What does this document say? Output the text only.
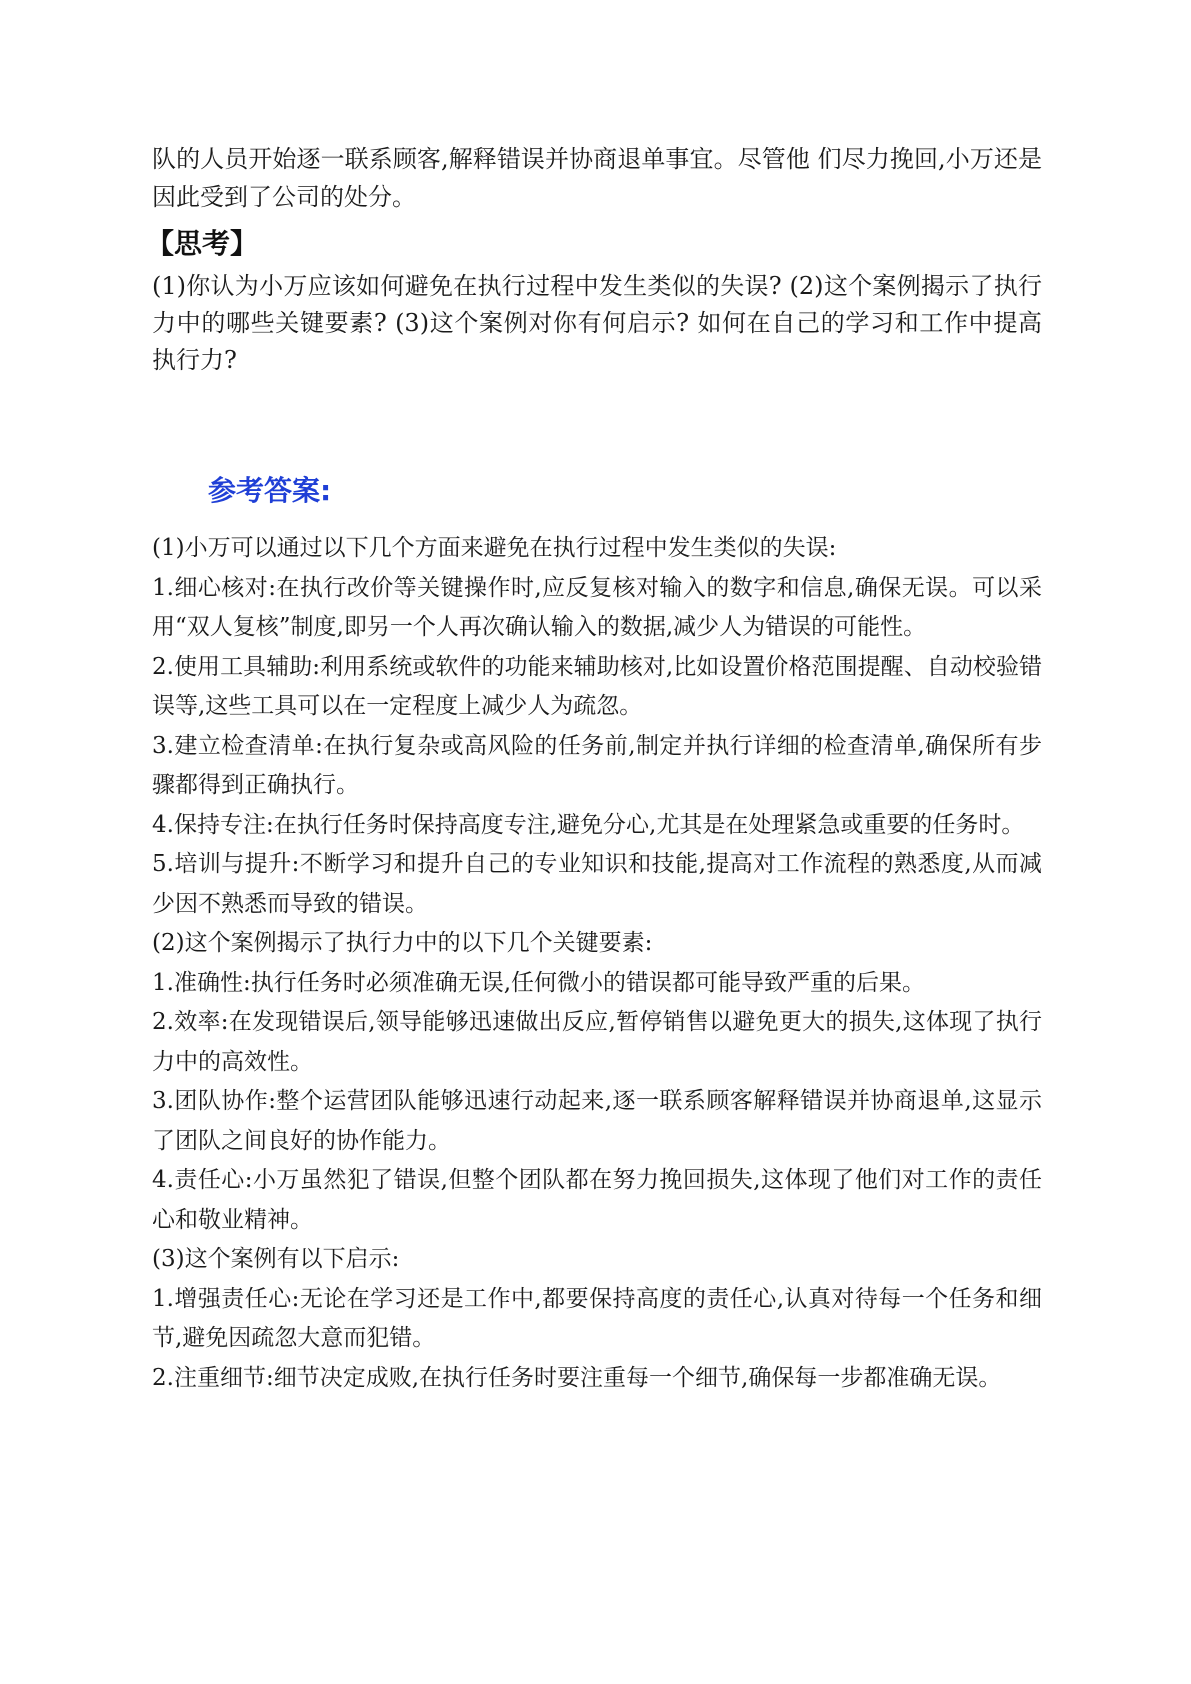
队的人员开始逐一联系顾客,解释错误并协商退单事宜。尽管他 们尽力挽回,小万还是因此受到了公司的处分。

【思考】

(1)你认为小万应该如何避免在执行过程中发生类似的失误? (2)这个案例揭示了执行力中的哪些关键要素? (3)这个案例对你有何启示? 如何在自己的学习和工作中提高执行力?

参考答案:

(1)小万可以通过以下几个方面来避免在执行过程中发生类似的失误:

1.细心核对:在执行改价等关键操作时,应反复核对输入的数字和信息,确保无误。可以采用“双人复核”制度,即另一个人再次确认输入的数据,减少人为错误的可能性。

2.使用工具辅助:利用系统或软件的功能来辅助核对,比如设置价格范围提醒、自动校验错误等,这些工具可以在一定程度上减少人为疏忽。

3.建立检查清单:在执行复杂或高风险的任务前,制定并执行详细的检查清单,确保所有步骤都得到正确执行。

4.保持专注:在执行任务时保持高度专注,避免分心,尤其是在处理紧急或重要的任务时。

5.培训与提升:不断学习和提升自己的专业知识和技能,提高对工作流程的熟悉度,从而减少因不熟悉而导致的错误。

(2)这个案例揭示了执行力中的以下几个关键要素:

1.准确性:执行任务时必须准确无误,任何微小的错误都可能导致严重的后果。

2.效率:在发现错误后,领导能够迅速做出反应,暂停销售以避免更大的损失,这体现了执行力中的高效性。

3.团队协作:整个运营团队能够迅速行动起来,逐一联系顾客解释错误并协商退单,这显示了团队之间良好的协作能力。

4.责任心:小万虽然犯了错误,但整个团队都在努力挽回损失,这体现了他们对工作的责任心和敬业精神。

(3)这个案例有以下启示:

1.增强责任心:无论在学习还是工作中,都要保持高度的责任心,认真对待每一个任务和细节,避免因疏忽大意而犯错。

2.注重细节:细节决定成败,在执行任务时要注重每一个细节,确保每一步都准确无误。
